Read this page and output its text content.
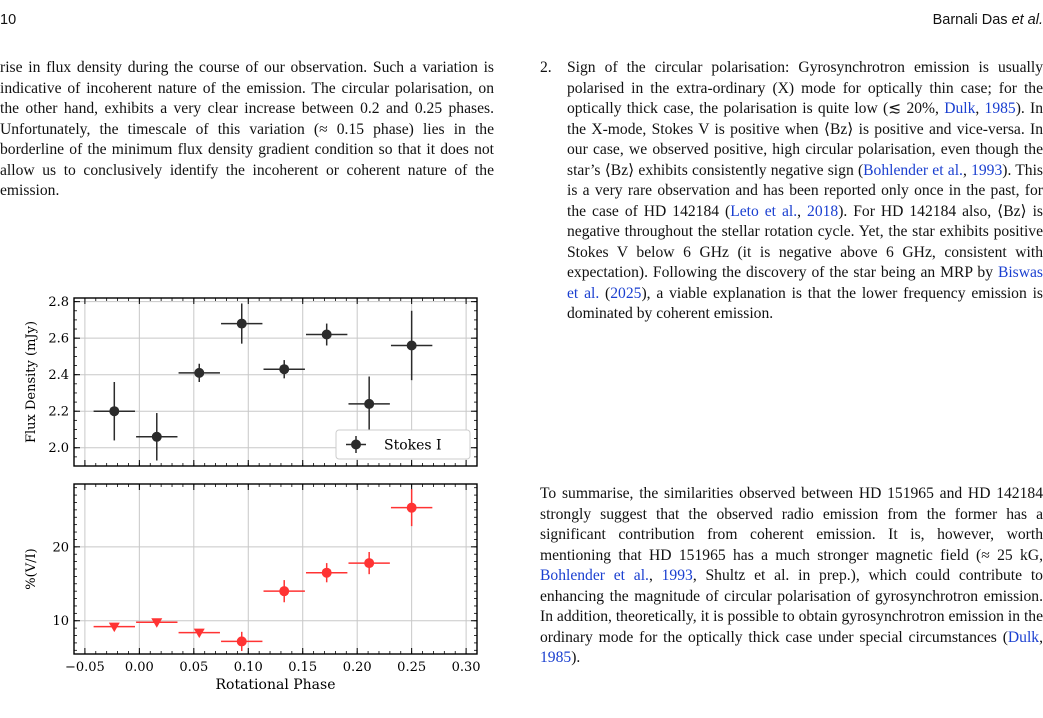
10	Barnali Das et al.

rise in flux density during the course of our observation. Such a variation is indicative of incoherent nature of the emission. The circular polarisation, on the other hand, exhibits a very clear increase between 0.2 and 0.25 phases. Unfortunately, the timescale of this variation (≈ 0.15 phase) lies in the borderline of the minimum flux density gradient condition so that it does not allow us to conclusively identify the incoherent or coherent nature of the emission.

2. Sign of the circular polarisation: Gyrosynchrotron emission is usually polarised in the extra-ordinary (X) mode for optically thin case; for the optically thick case, the polarisation is quite low (≲ 20%, Dulk, 1985). In the X-mode, Stokes V is positive when ⟨Bz⟩ is positive and vice-versa. In our case, we observed positive, high circular polarisation, even though the star’s ⟨Bz⟩ exhibits consistently negative sign (Bohlender et al., 1993). This is a very rare observation and has been reported only once in the past, for the case of HD 142184 (Leto et al., 2018). For HD 142184 also, ⟨Bz⟩ is negative throughout the stellar rotation cycle. Yet, the star exhibits positive Stokes V below 6 GHz (it is negative above 6 GHz, consistent with expectation). Following the discovery of the star being an MRP by Biswas et al. (2025), a viable explanation is that the lower frequency emission is dominated by coherent emission.

To summarise, the similarities observed between HD 151965 and HD 142184 strongly suggest that the observed radio emission from the former has a significant contribution from coherent emission. It is, however, worth mentioning that HD 151965 has a much stronger magnetic field (≈ 25 kG, Bohlender et al., 1993, Shultz et al. in prep.), which could contribute to enhancing the magnitude of circular polarisation of gyrosynchrotron emission. In addition, theoretically, it is possible to obtain gyrosynchrotron emission in the ordinary mode for the optically thick case under special circumstances (Dulk, 1985).

2.0
2.2
2.4
2.6
2.8
Flux Density (mJy)
Stokes I
10
20
−0.05 0.00 0.05 0.10 0.15 0.20 0.25 0.30
%(V/I)
Rotational Phase
